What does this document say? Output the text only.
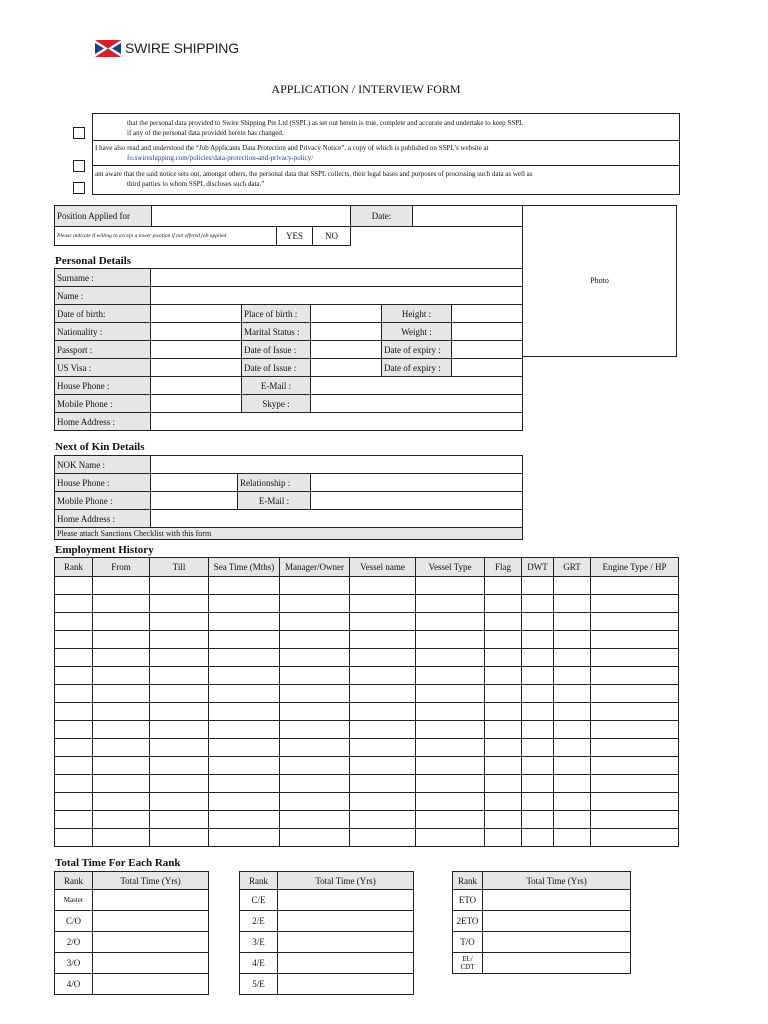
SWIRE SHIPPING
APPLICATION / INTERVIEW FORM
that the personal data provided to Swire Shipping Pte Ltd (SSPL) as set out herein is true, complete and accurate and undertake to keep SSPL
if any of the personal data provided herein has changed.
I have also read and understood the “Job Applicants Data Protection and Privacy Notice”, a copy of which is published on SSPL’s website at
fo.swireshipping.com/policies/data-protection-and-privacy-policy/
am aware that the said notice sets out, amongst others, the personal data that SSPL collects, their legal bases and purposes of processing such data as well as
third parties to whom SSPL discloses such data.”
Position Applied for		Date:	
Please indicate if willing to accept a lower position if not offered job applied	YES	NO
Photo
Personal Details
Surname :					
Name :					
Date of birth:		Place of birth :		Height :	
Nationality :		Marital Status :		Weight :	
Passport :		Date of Issue :		Date of expiry :	
US Visa :		Date of Issue :		Date of expiry :	
House Phone :		E-Mail :			
Mobile Phone :		Skype :			
Home Address :					
Next of Kin Details
NOK Name :			
House Phone :		Relationship :	
Mobile Phone :		E-Mail :	
Home Address :			
Please attach Sanctions Checklist with this form			
Employment History
Rank	From	Till	Sea Time (Mths)	Manager/Owner	Vessel name	Vessel Type	Flag	DWT	GRT	Engine Type / HP

Total Time For Each Rank
Rank	Total Time (Yrs)
Master	
C/O	
2/O	
3/O	
4/O	
Rank	Total Time (Yrs)
C/E	
2/E	
3/E	
4/E	
5/E	
Rank	Total Time (Yrs)
ETO	
2ETO	
T/O	
EL/ CDT	
